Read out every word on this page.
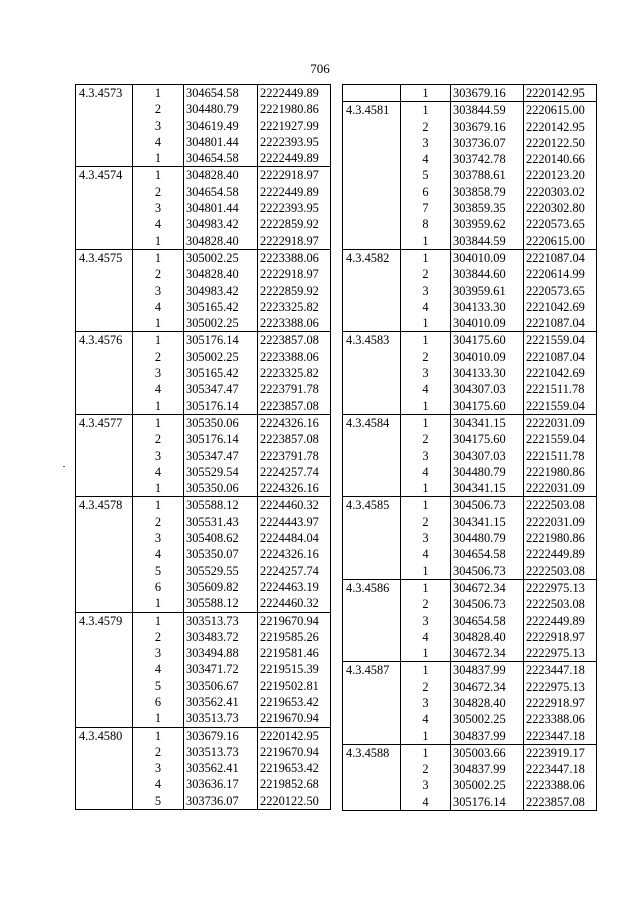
706
4.3.4573	1	304654.58	2222449.89
	2	304480.79	2221980.86
	3	304619.49	2221927.99
	4	304801.44	2222393.95
	1	304654.58	2222449.89
4.3.4574	1	304828.40	2222918.97
	2	304654.58	2222449.89
	3	304801.44	2222393.95
	4	304983.42	2222859.92
	1	304828.40	2222918.97
4.3.4575	1	305002.25	2223388.06
	2	304828.40	2222918.97
	3	304983.42	2222859.92
	4	305165.42	2223325.82
	1	305002.25	2223388.06
4.3.4576	1	305176.14	2223857.08
	2	305002.25	2223388.06
	3	305165.42	2223325.82
	4	305347.47	2223791.78
	1	305176.14	2223857.08
4.3.4577	1	305350.06	2224326.16
	2	305176.14	2223857.08
	3	305347.47	2223791.78
	4	305529.54	2224257.74
	1	305350.06	2224326.16
4.3.4578	1	305588.12	2224460.32
	2	305531.43	2224443.97
	3	305408.62	2224484.04
	4	305350.07	2224326.16
	5	305529.55	2224257.74
	6	305609.82	2224463.19
	1	305588.12	2224460.32
4.3.4579	1	303513.73	2219670.94
	2	303483.72	2219585.26
	3	303494.88	2219581.46
	4	303471.72	2219515.39
	5	303506.67	2219502.81
	6	303562.41	2219653.42
	1	303513.73	2219670.94
4.3.4580	1	303679.16	2220142.95
	2	303513.73	2219670.94
	3	303562.41	2219653.42
	4	303636.17	2219852.68
	5	303736.07	2220122.50
	1	303679.16	2220142.95
4.3.4581	1	303844.59	2220615.00
	2	303679.16	2220142.95
	3	303736.07	2220122.50
	4	303742.78	2220140.66
	5	303788.61	2220123.20
	6	303858.79	2220303.02
	7	303859.35	2220302.80
	8	303959.62	2220573.65
	1	303844.59	2220615.00
4.3.4582	1	304010.09	2221087.04
	2	303844.60	2220614.99
	3	303959.61	2220573.65
	4	304133.30	2221042.69
	1	304010.09	2221087.04
4.3.4583	1	304175.60	2221559.04
	2	304010.09	2221087.04
	3	304133.30	2221042.69
	4	304307.03	2221511.78
	1	304175.60	2221559.04
4.3.4584	1	304341.15	2222031.09
	2	304175.60	2221559.04
	3	304307.03	2221511.78
	4	304480.79	2221980.86
	1	304341.15	2222031.09
4.3.4585	1	304506.73	2222503.08
	2	304341.15	2222031.09
	3	304480.79	2221980.86
	4	304654.58	2222449.89
	1	304506.73	2222503.08
4.3.4586	1	304672.34	2222975.13
	2	304506.73	2222503.08
	3	304654.58	2222449.89
	4	304828.40	2222918.97
	1	304672.34	2222975.13
4.3.4587	1	304837.99	2223447.18
	2	304672.34	2222975.13
	3	304828.40	2222918.97
	4	305002.25	2223388.06
	1	304837.99	2223447.18
4.3.4588	1	305003.66	2223919.17
	2	304837.99	2223447.18
	3	305002.25	2223388.06
	4	305176.14	2223857.08
